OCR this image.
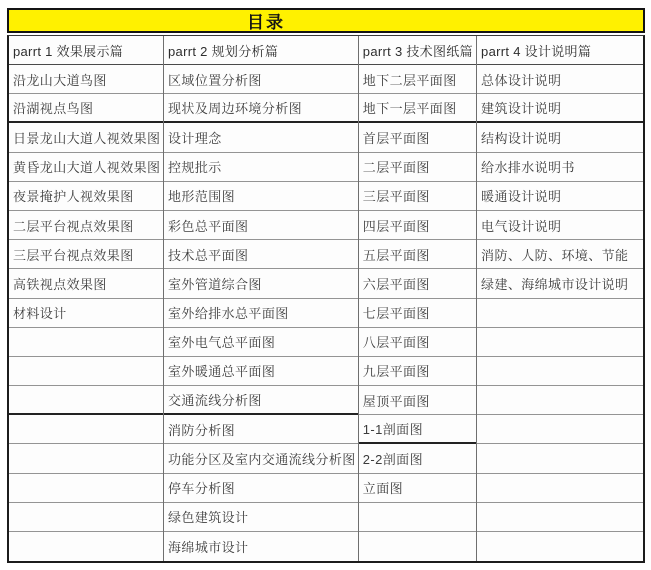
目录
parrt 1 效果展示篇
沿龙山大道鸟图
沿湖视点鸟图
日景龙山大道人视效果图
黄昏龙山大道人视效果图
夜景掩护人视效果图
二层平台视点效果图
三层平台视点效果图
高铁视点效果图
材料设计
parrt 2 规划分析篇
区域位置分析图
现状及周边环境分析图
设计理念
控规批示
地形范围图
彩色总平面图
技术总平面图
室外管道综合图
室外给排水总平面图
室外电气总平面图
室外暖通总平面图
交通流线分析图
消防分析图
功能分区及室内交通流线分析图
停车分析图
绿色建筑设计
海绵城市设计
parrt 3 技术图纸篇
地下二层平面图
地下一层平面图
首层平面图
二层平面图
三层平面图
四层平面图
五层平面图
六层平面图
七层平面图
八层平面图
九层平面图
屋顶平面图
1-1剖面图
2-2剖面图
立面图
parrt 4 设计说明篇
总体设计说明
建筑设计说明
结构设计说明
给水排水说明书
暖通设计说明
电气设计说明
消防、人防、环境、节能
绿建、海绵城市设计说明
